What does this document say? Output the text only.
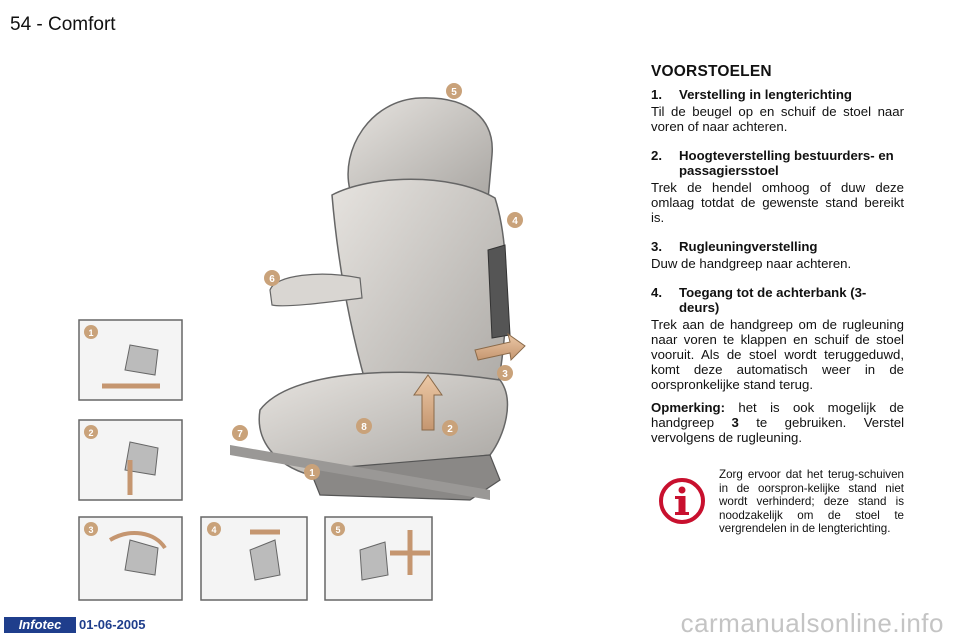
54 - Comfort
5
4
6
3
8	2
7
1
1
2
3	4	5
VOORSTOELEN
1.	Verstelling in lengterichting

Til de beugel op en schuif de stoel naar voren of naar achteren.

2.	Hoogteverstelling bestuurders- en passagiersstoel

Trek de hendel omhoog of duw deze omlaag totdat de gewenste stand bereikt is.

3.	Rugleuningverstelling

Duw de handgreep naar achteren.

4.	Toegang tot de achterbank (3-deurs)

Trek aan de handgreep om de rugleuning naar voren te klappen en schuif de stoel vooruit. Als de stoel wordt teruggeduwd, komt deze automatisch weer in de oorspronkelijke stand terug.

Opmerking: het is ook mogelijk de handgreep 3 te gebruiken. Verstel vervolgens de rugleuning.

Zorg ervoor dat het terug-schuiven in de oorspron-kelijke stand niet wordt verhinderd; deze stand is noodzakelijk om de stoel te vergrendelen in de lengterichting.

Infotec	01-06-2005	carmanualsonline.info
